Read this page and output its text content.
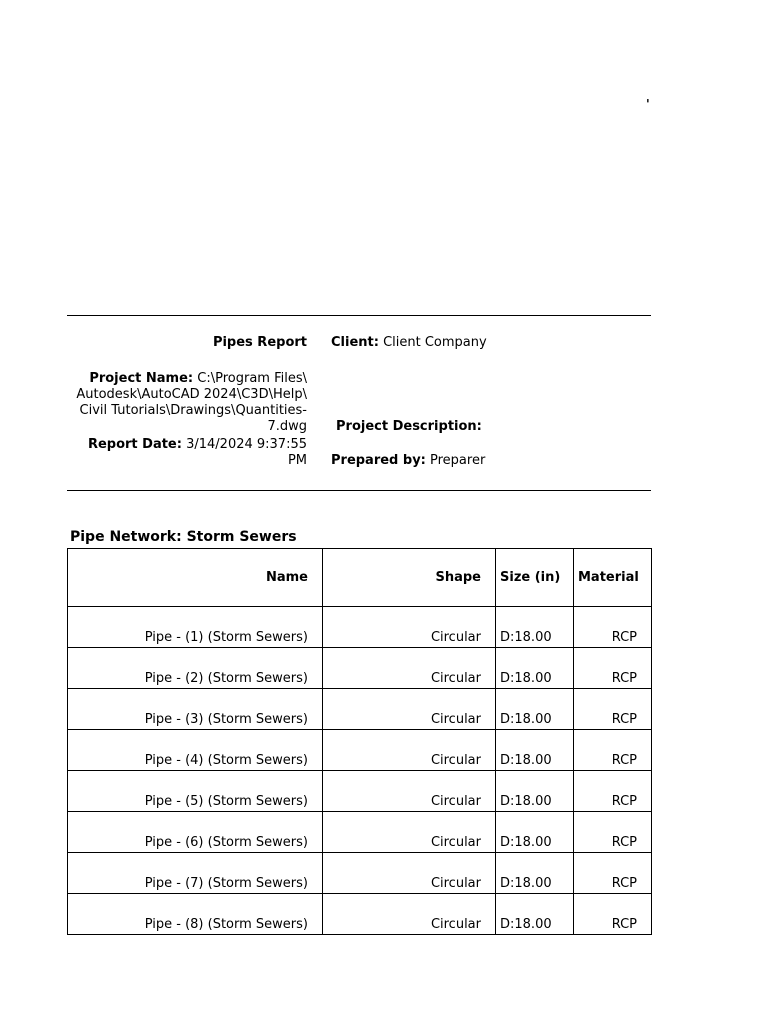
'
Pipes Report Client: Client Company
Project Name: C:\Program Files\ Autodesk\AutoCAD 2024\C3D\Help\ Civil Tutorials\Drawings\Quantities-7.dwg Project Description:
Report Date: 3/14/2024 9:37:55 PM Prepared by: Preparer
Pipe Network: Storm Sewers
Name	Shape	Size (in)	Material
Pipe - (1) (Storm Sewers)	Circular	D:18.00	RCP
Pipe - (2) (Storm Sewers)	Circular	D:18.00	RCP
Pipe - (3) (Storm Sewers)	Circular	D:18.00	RCP
Pipe - (4) (Storm Sewers)	Circular	D:18.00	RCP
Pipe - (5) (Storm Sewers)	Circular	D:18.00	RCP
Pipe - (6) (Storm Sewers)	Circular	D:18.00	RCP
Pipe - (7) (Storm Sewers)	Circular	D:18.00	RCP
Pipe - (8) (Storm Sewers)	Circular	D:18.00	RCP
